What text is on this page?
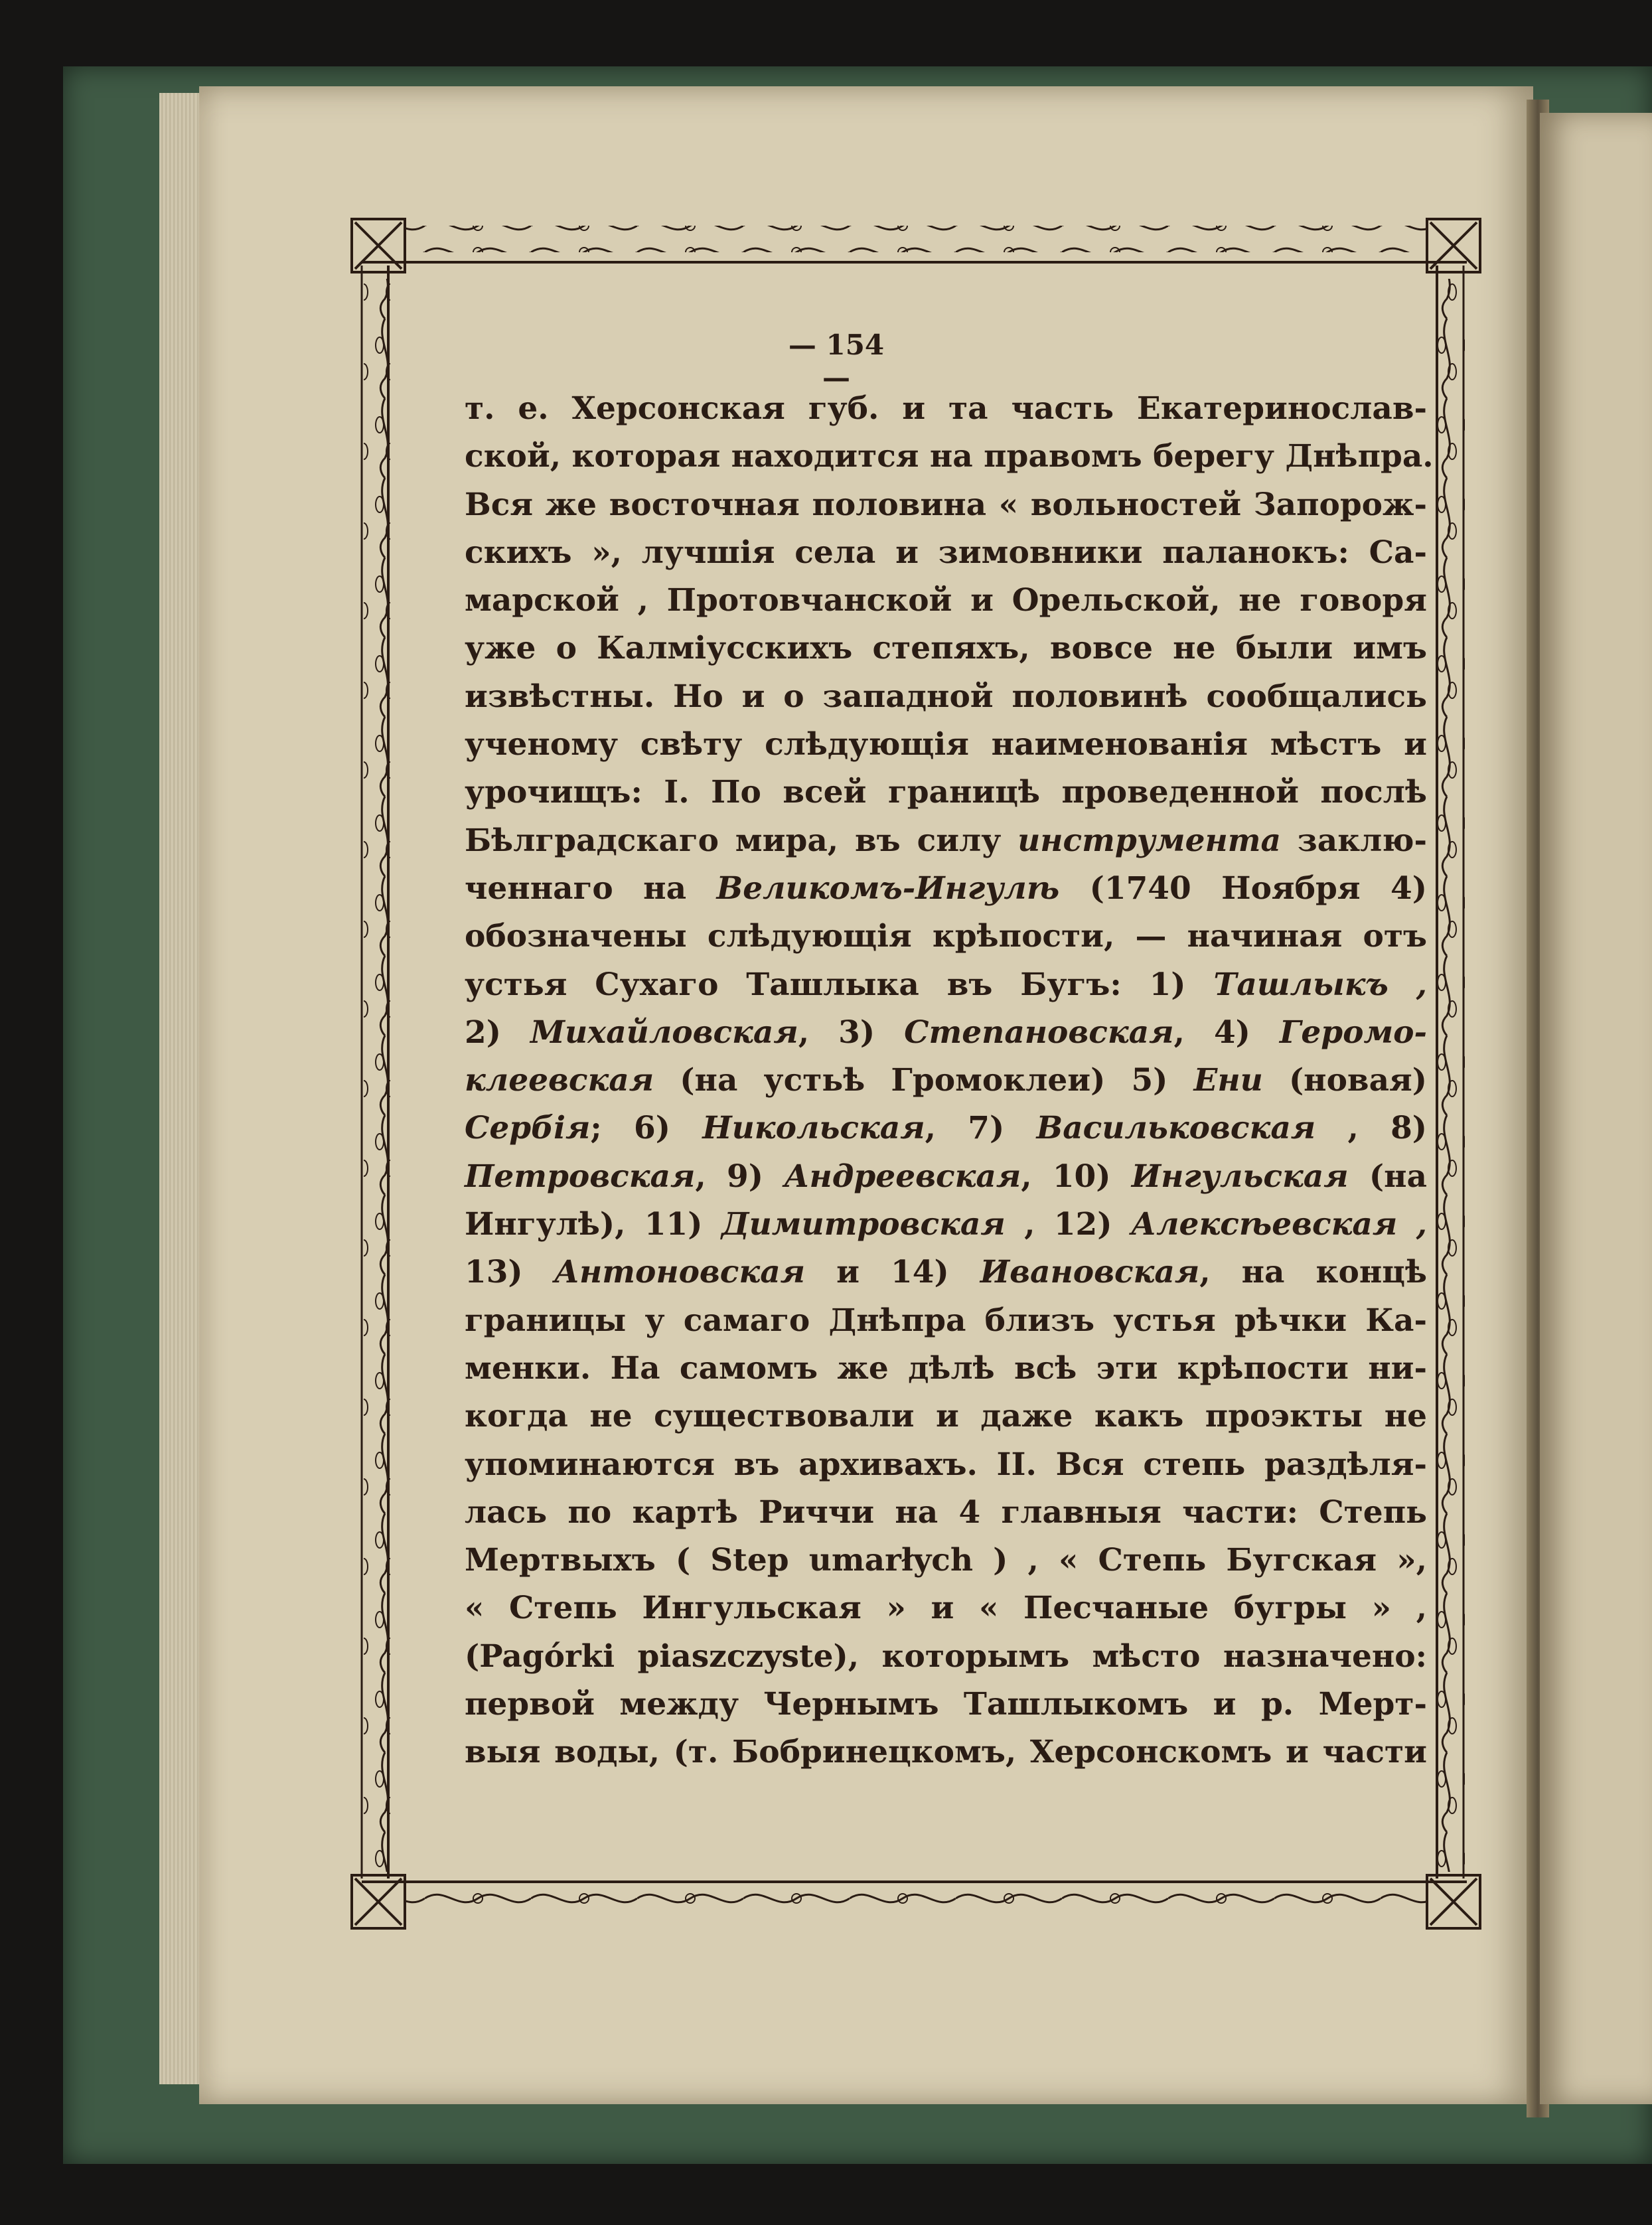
— 154 —
т. е. Херсонская губ. и та часть Екатеринослав-
ской, которая находится на правомъ берегу Днѣпра.
Вся же восточная половина « вольностей Запорож-
скихъ », лучшія села и зимовники паланокъ: Са-
марской , Протовчанской и Орельской, не говоря
уже о Калміусскихъ степяхъ, вовсе не были имъ
извѣстны. Но и о западной половинѣ сообщались
ученому свѣту слѣдующія наименованія мѣстъ и
урочищъ: I. По всей границѣ проведенной послѣ
Бѣлградскаго мира, въ силу инструмента заклю-
ченнаго на Великомъ-Ингулѣ (1740 Ноября 4)
обозначены слѣдующія крѣпости, — начиная отъ
устья Сухаго Ташлыка въ Бугъ: 1) Ташлыкъ ,
2) Михайловская, 3) Степановская, 4) Геромо-
клеевская (на устьѣ Громоклеи) 5) Ени (новая)
Сербія; 6) Никольская, 7) Васильковская , 8)
Петровская, 9) Андреевская, 10) Ингульская (на
Ингулѣ), 11) Димитровская , 12) Алексѣевская ,
13) Антоновская и 14) Ивановская, на концѣ
границы у самаго Днѣпра близъ устья рѣчки Ка-
менки. На самомъ же дѣлѣ всѣ эти крѣпости ни-
когда не существовали и даже какъ проэкты не
упоминаются въ архивахъ. II. Вся степь раздѣля-
лась по картѣ Риччи на 4 главныя части: Степь
Мертвыхъ ( Step umarłych ) , « Степь Бугская »,
« Степь Ингульская » и « Песчаные бугры » ,
(Pagórki piaszczyste), которымъ мѣсто назначено:
первой между Чернымъ Ташлыкомъ и р. Мерт-
выя воды, (т. Бобринецкомъ, Херсонскомъ и части
